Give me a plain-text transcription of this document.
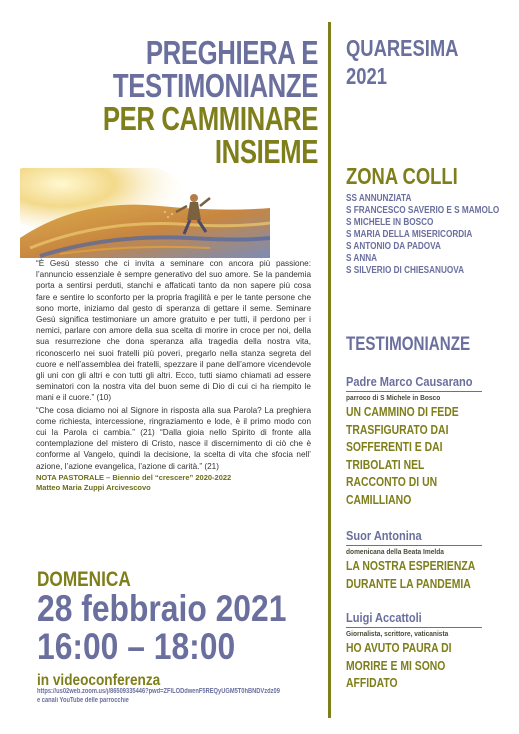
PREGHIERA E
TESTIMONIANZE
PER CAMMINARE
INSIEME

“È Gesù stesso che ci invita a seminare con ancora più passione: l’annuncio essenziale è sempre generativo del suo amore. Se la pandemia porta a sentirsi perduti, stanchi e affaticati tanto da non sapere più cosa fare e sentire lo sconforto per la propria fragilità e per le tante persone che sono morte, iniziamo dal gesto di speranza di gettare il seme. Seminare Gesù significa testimoniare un amore gratuito e per tutti, il perdono per i nemici, parlare con amore della sua scelta di morire in croce per noi, della sua resurrezione che dona speranza alla tragedia della nostra vita, riconoscerlo nei suoi fratelli più poveri, pregarlo nella stanza segreta del cuore e nell’assemblea dei fratelli, spezzare il pane dell’amore vicendevole gli uni con gli altri e con tutti gli altri. Ecco, tutti siamo chiamati ad essere seminatori con la nostra vita del buon seme di Dio di cui ci ha riempito le mani e il cuore.” (10)

“Che cosa diciamo noi al Signore in risposta alla sua Parola? La preghiera come richiesta, intercessione, ringraziamento e lode, è il primo modo con cui la Parola ci cambia.” (21) “Dalla gioia nello Spirito di fronte alla contemplazione del mistero di Cristo, nasce il discernimento di ciò che è conforme al Vangelo, quindi la decisione, la scelta di vita che sfocia nell’ azione, l’azione evangelica, l’azione di carità.” (21)

NOTA PASTORALE – Biennio del “crescere” 2020-2022
Matteo Maria Zuppi Arcivescovo
DOMENICA
28 febbraio 2021
16:00 – 18:00
in videoconferenza
https://us02web.zoom.us/j/86509335446?pwd=ZFlLODdwenF5REQyUGM5T0hBNDVzdz09
e canali YouTube delle parrocchie
QUARESIMA
2021
ZONA COLLI
SS ANNUNZIATA
S FRANCESCO SAVERIO E S MAMOLO
S MICHELE IN BOSCO
S MARIA DELLA MISERICORDIA
S ANTONIO DA PADOVA
S ANNA
S SILVERIO DI CHIESANUOVA
TESTIMONIANZE
Padre Marco Causarano
parroco di S Michele in Bosco
UN CAMMINO DI FEDE
TRASFIGURATO DAI
SOFFERENTI E DAI
TRIBOLATI NEL
RACCONTO DI UN
CAMILLIANO
Suor Antonina
domenicana della Beata Imelda
LA NOSTRA ESPERIENZA
DURANTE LA PANDEMIA
Luigi Accattoli
Giornalista, scrittore, vaticanista
HO AVUTO PAURA DI
MORIRE E MI SONO
AFFIDATO
